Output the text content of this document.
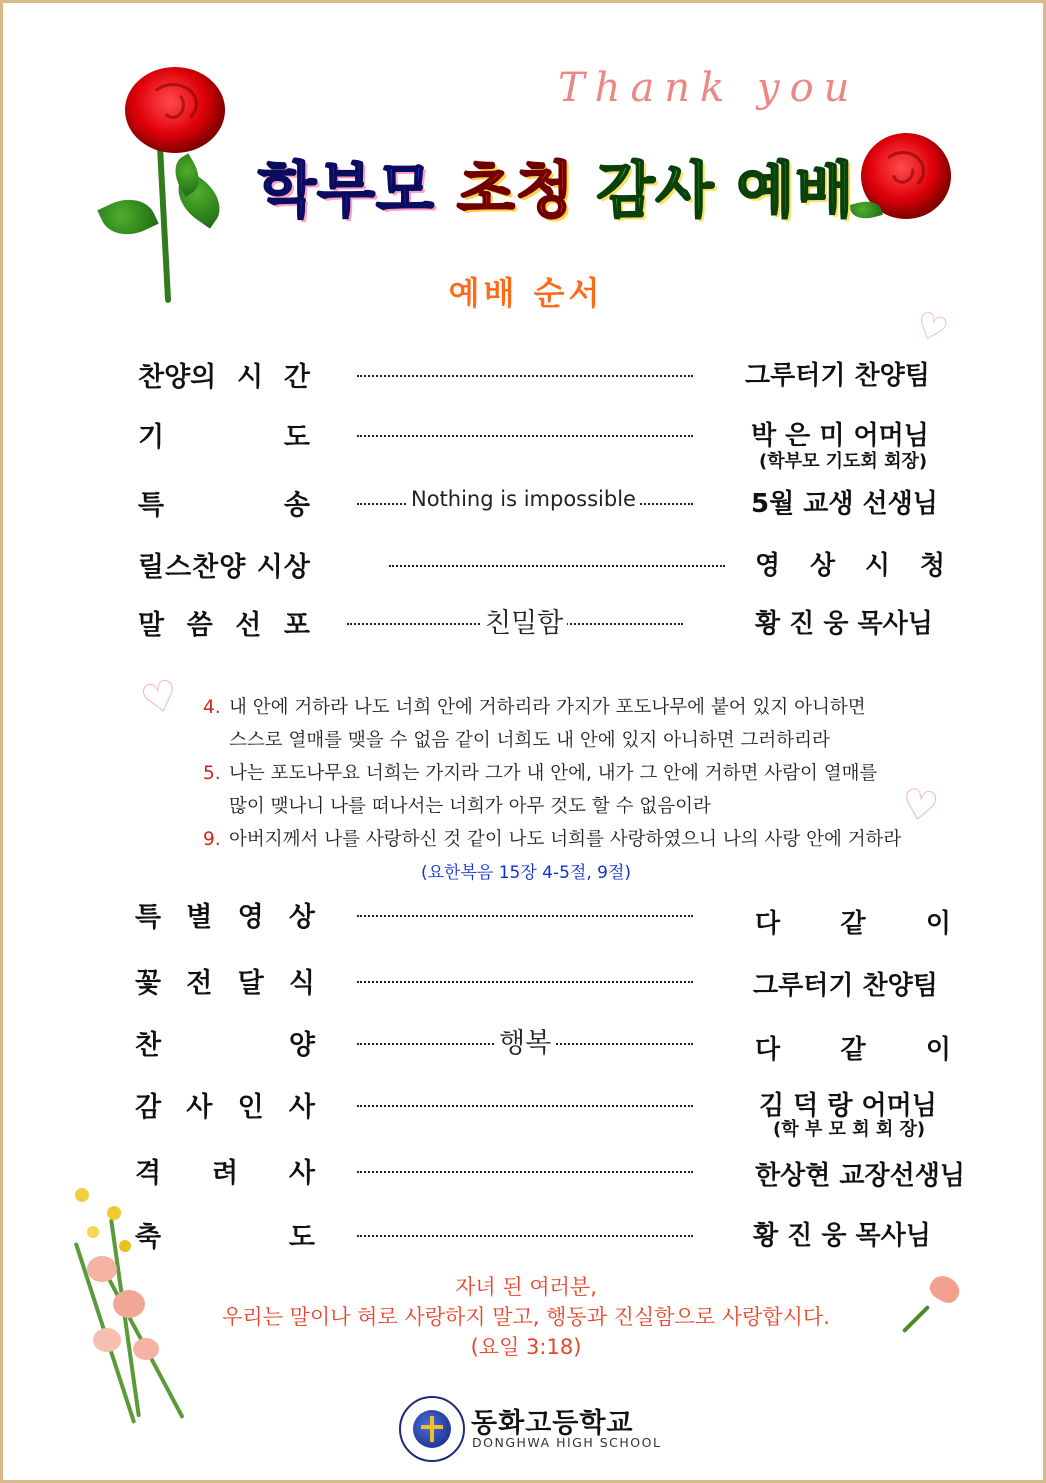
Thank you
학부모 초청 감사 예배
예배 순서
♡
♡
♡
찬양의 시 간	그루터기 찬양팀
기	도	박 은 미 어머님
(학부모 기도회 회장)
특	송	Nothing is impossible	5월 교생 선생님
릴스찬양 시상	영 상 시 청
말 씀 선 포	친밀함	황 진 웅 목사님
4. 내 안에 거하라 나도 너희 안에 거하리라 가지가 포도나무에 붙어 있지 아니하면
스스로 열매를 맺을 수 없음 같이 너희도 내 안에 있지 아니하면 그러하리라
5. 나는 포도나무요 너희는 가지라 그가 내 안에, 내가 그 안에 거하면 사람이 열매를
많이 맺나니 나를 떠나서는 너희가 아무 것도 할 수 없음이라
9. 아버지께서 나를 사랑하신 것 같이 나도 너희를 사랑하였으니 나의 사랑 안에 거하라
(요한복음 15장 4-5절, 9절)
특 별 영 상	다 같 이
꽃 전 달 식	그루터기 찬양팀
찬	양	행복	다 같 이
감 사 인 사	김 덕 랑 어머님
(학 부 모 회 회 장)
격 려 사	한상현 교장선생님
축	도	황 진 웅 목사님
자녀 된 여러분,
우리는 말이나 혀로 사랑하지 말고, 행동과 진실함으로 사랑합시다.
(요일 3:18)
동화고등학교
DONGHWA HIGH SCHOOL
